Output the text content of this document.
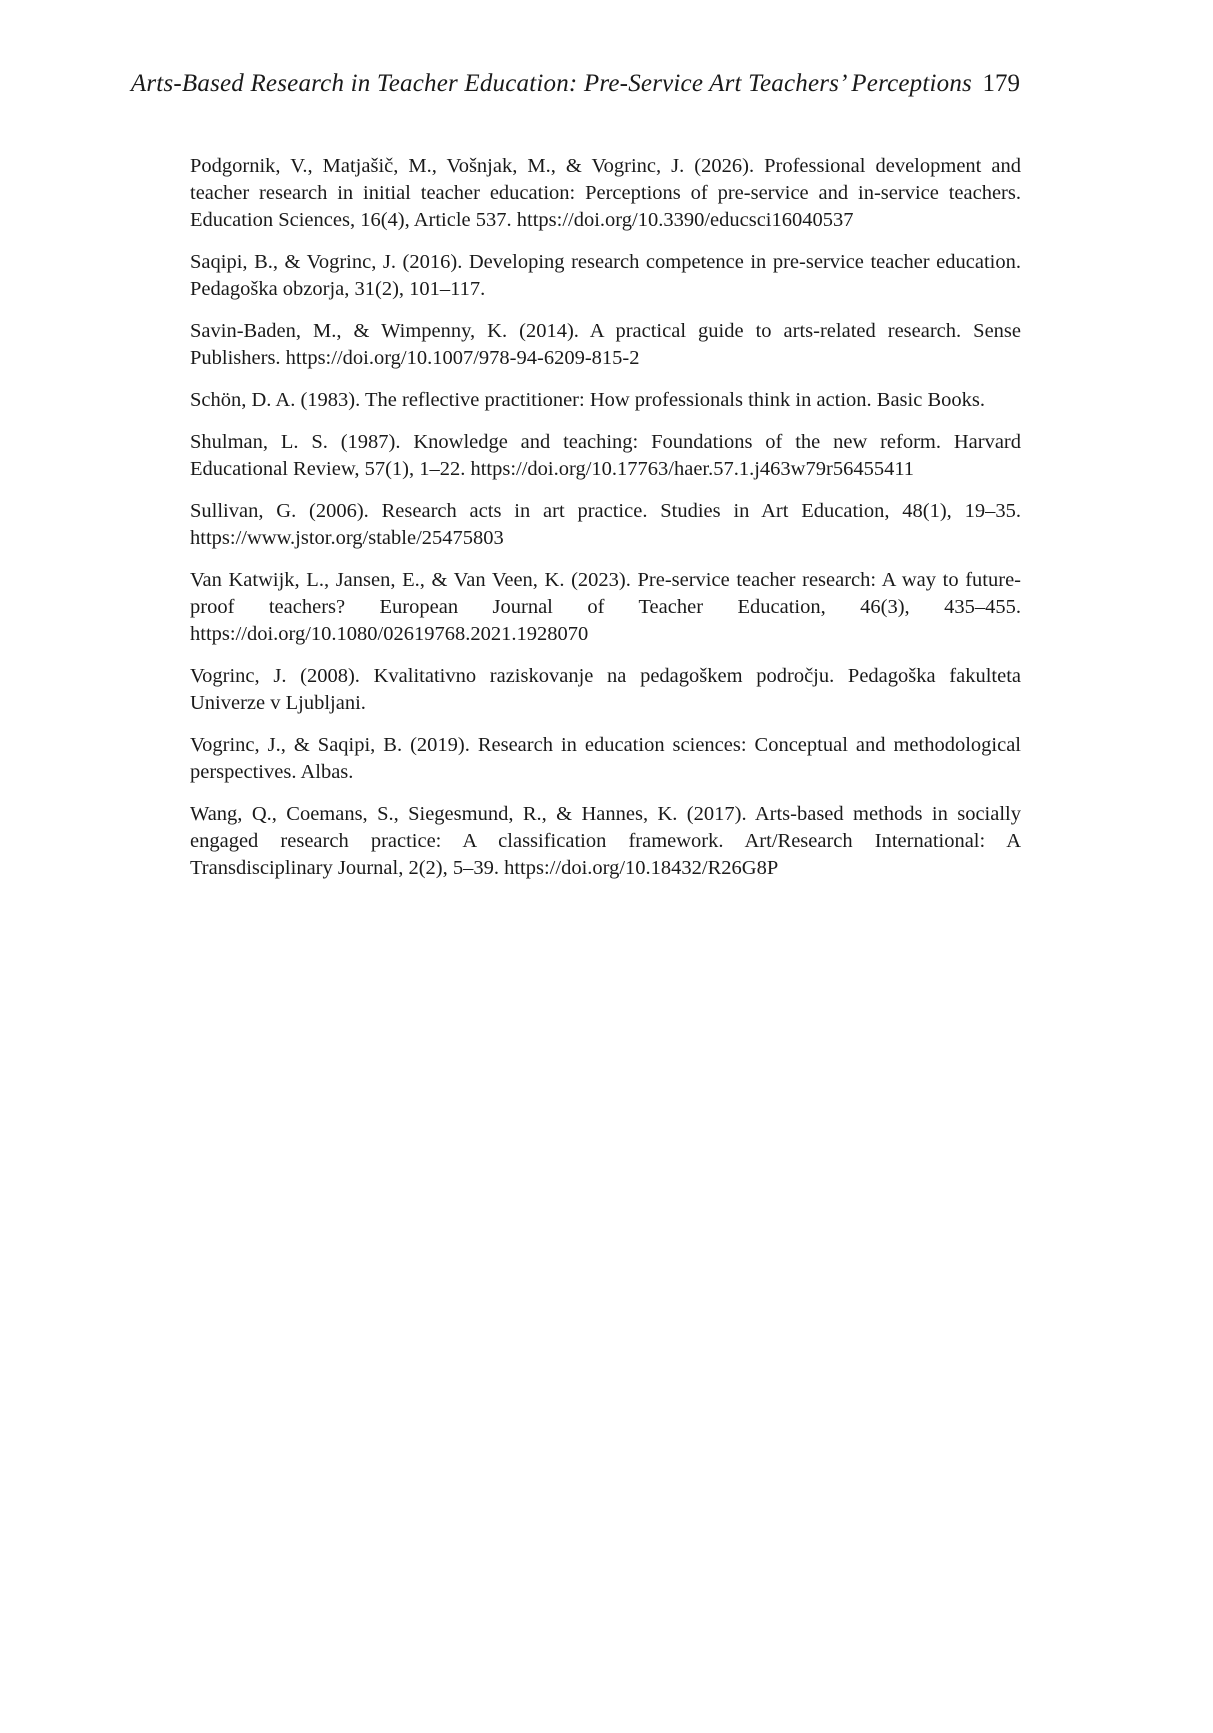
Arts-Based Research in Teacher Education: Pre-Service Art Teachers’ Perceptions 179
Podgornik, V., Matjašič, M., Vošnjak, M., & Vogrinc, J. (2026). Professional development and teacher research in initial teacher education: Perceptions of pre-service and in-service teachers. Education Sciences, 16(4), Article 537. https://doi.org/10.3390/educsci16040537
Saqipi, B., & Vogrinc, J. (2016). Developing research competence in pre-service teacher education. Pedagoška obzorja, 31(2), 101–117.
Savin-Baden, M., & Wimpenny, K. (2014). A practical guide to arts-related research. Sense Publishers. https://doi.org/10.1007/978-94-6209-815-2
Schön, D. A. (1983). The reflective practitioner: How professionals think in action. Basic Books.
Shulman, L. S. (1987). Knowledge and teaching: Foundations of the new reform. Harvard Educational Review, 57(1), 1–22. https://doi.org/10.17763/haer.57.1.j463w79r56455411
Sullivan, G. (2006). Research acts in art practice. Studies in Art Education, 48(1), 19–35. https://www.jstor.org/stable/25475803
Van Katwijk, L., Jansen, E., & Van Veen, K. (2023). Pre-service teacher research: A way to future-proof teachers? European Journal of Teacher Education, 46(3), 435–455. https://doi.org/10.1080/02619768.2021.1928070
Vogrinc, J. (2008). Kvalitativno raziskovanje na pedagoškem področju. Pedagoška fakulteta Univerze v Ljubljani.
Vogrinc, J., & Saqipi, B. (2019). Research in education sciences: Conceptual and methodological perspectives. Albas.
Wang, Q., Coemans, S., Siegesmund, R., & Hannes, K. (2017). Arts-based methods in socially engaged research practice: A classification framework. Art/Research International: A Transdisciplinary Journal, 2(2), 5–39. https://doi.org/10.18432/R26G8P
